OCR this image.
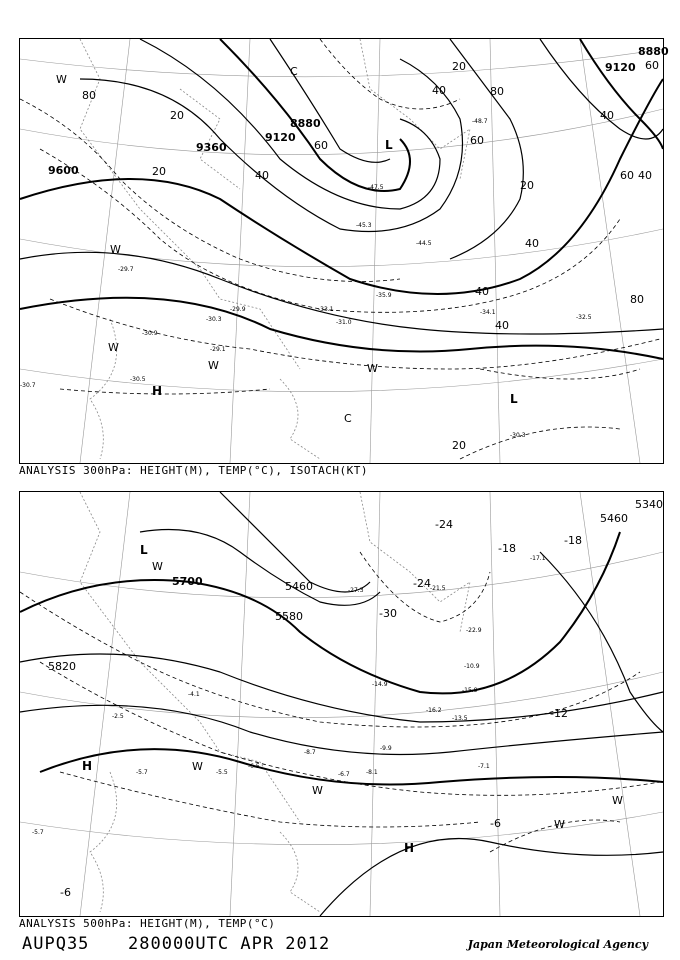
9600
9360
9120
8880
9120
8880
80
20
40
60
20
40
60
40
80
40
40
20
40
60
20
40
80
60
20
L
H
C
L
C
W
W
W
W	W
-29.7
-30.9
-30.5
-29.1
-29.9
-30.3	-31.0
-33.1	-34.1
-32.5
-35.9
-45.3
-44.5
-48.7
-47.5
-30.7
-30.3
ANALYSIS 300hPa: HEIGHT(M), TEMP(°C), ISOTACH(KT)
5700	5460
5580
5820
5460
5340
-30
-24
-18
-12
-6
-6
-24
-18
L
H
H
W
W
W
W
W
-27.3
-22.9
-21.5
-17.1
-15.9
-14.9
-16.2
-13.5
-10.9
-9.9
-8.7
-7.1
-6.5
-5.5
-5.7
-5.7
-6.7	-8.1
-4.1
-2.5
ANALYSIS 500hPa: HEIGHT(M), TEMP(°C)
AUPQ35 280000UTC APR 2012	Japan Meteorological Agency
